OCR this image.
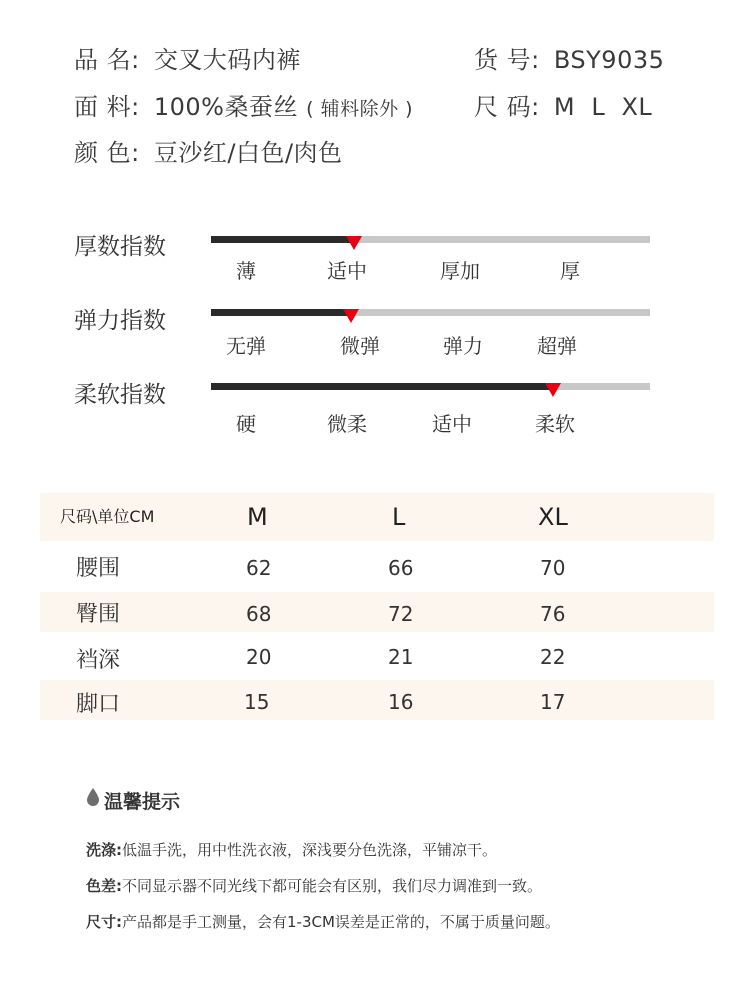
品 名: 交叉大码内裤	货 号: BSY9035
面 料: 100%桑蚕丝 ( 辅料除外 )	尺 码: M  L  XL
颜 色: 豆沙红/白色/肉色
厚数指数
薄	适中	厚加	厚
弹力指数
无弹	微弹	弹力	超弹
柔软指数
硬	微柔	适中	柔软
尺码\单位CM	M	L	XL
腰围	62	66	70
臀围	68	72	76
裆深	20	21	22
脚口	15	16	17
温馨提示
洗涤:低温手洗，用中性洗衣液，深浅要分色洗涤，平铺凉干。
色差:不同显示器不同光线下都可能会有区别，我们尽力调准到一致。
尺寸:产品都是手工测量，会有1-3CM误差是正常的，不属于质量问题。
